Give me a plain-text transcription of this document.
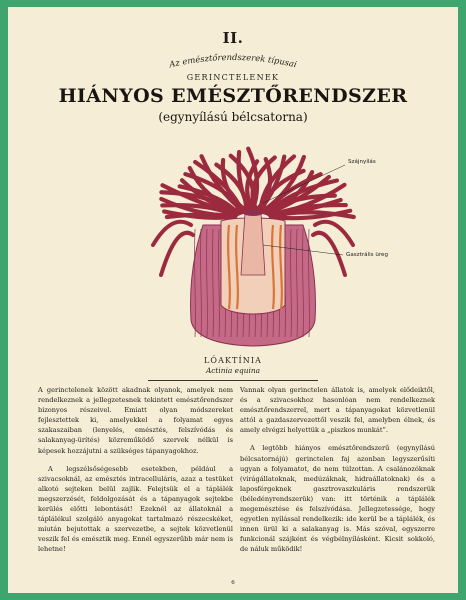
II.
Az emésztőrendszerek típusai
GERINCTELENEK
HIÁNYOS EMÉSZTŐRENDSZER
(egynyílású bélcsatorna)
Szájnyílás
Gasztrális üreg
LÓAKTÍNIA
Actinia equina

A gerinctelenek között akadnak olyanok, amelyek nem rendelkeznek a jellegzetesnek tekintett emésztőrendszer bizonyos részeivel. Emiatt olyan módszereket fejlesztettek ki, amelyekkel a folyamat egyes szakaszaiban (lenyelés, emésztés, felszívódás és salakanyag-ürítés) közreműködő szervek nélkül is képesek hozzájutni a szükséges tápanyagokhoz.

A legszélsőségesebb esetekben, például a szivacsoknál, az emésztés intracelluláris, azaz a testüket alkotó sejteken belül zajlik. Felejtsük el a táplálék megszerzését, feldolgozását és a tápanyagok sejtekbe kerülés előtti lebontását! Ezeknél az állatoknál a táplálékul szolgáló anyagokat tartalmazó részecskéket, miután bejutottak a szervezetbe, a sejtek közvetlenül veszik fel és emésztik meg. Ennél egyszerűbb már nem is lehetne!

Vannak olyan gerinctelen állatok is, amelyek elődeiktől, és a szivacsokhoz hasonlóan nem rendelkeznek emésztőrendszerrel, mert a tápanyagokat közvetlenül attól a gazdaszervezettől veszik fel, amelyben élnek, és amely elvégzi helyettük a „piszkos munkát”.

A legtöbb hiányos emésztőrendszerű (egynyílású bélcsatornájú) gerinctelen faj azonban legyszerűsíti ugyan a folyamatot, de nem túlzottan. A csalánozóknak (virágállatoknak, medúzáknak, hidraállatoknak) és a laposférgeknek gasztrovaszkuláris rendszerük (béledényrendszerük) van: itt történik a táplálék megemésztése és felszívódása. Jellegzetessége, hogy egyetlen nyílással rendelkezik: ide kerül be a táplálék, és innen ürül ki a salakanyag is. Más szóval, egyszerre funkcionál szájként és végbélnyílásként. Kicsit sokkoló, de náluk működik!

6
